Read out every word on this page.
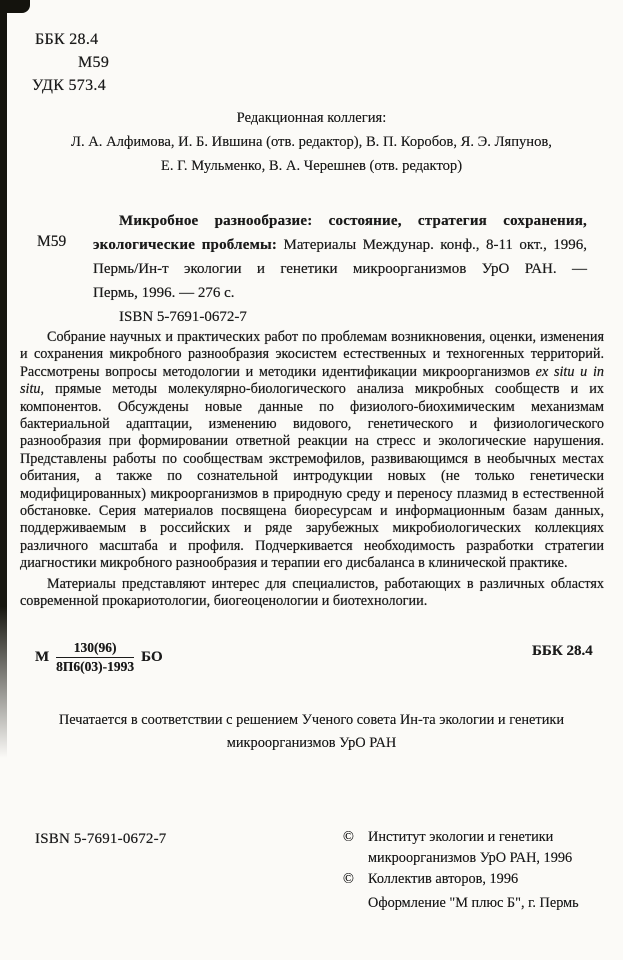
ББК 28.4
М59
УДК 573.4
Редакционная коллегия:
Л. А. Алфимова, И. Б. Ившина (отв. редактор), В. П. Коробов, Я. Э. Ляпунов,
Е. Г. Мульменко, В. А. Черешнев (отв. редактор)
М59
Микробное разнообразие: состояние, стратегия сохранения,
экологические проблемы: Материалы Междунар. конф., 8-11 окт., 1996,
Пермь/Ин-т экологии и генетики микроорганизмов УрО РАН. —
Пермь, 1996. — 276 с.
ISBN 5-7691-0672-7

Собрание научных и практических работ по проблемам возникновения, оценки, изменения и сохранения микробного разнообразия экосистем естественных и техногенных территорий. Рассмотрены вопросы методологии и методики идентификации микроорганизмов ex situ и in situ, прямые методы молекулярно-биологического анализа микробных сообществ и их компонентов. Обсуждены новые данные по физиолого-биохимическим механизмам бактериальной адаптации, изменению видового, генетического и физиологического разнообразия при формировании ответной реакции на стресс и экологические нарушения. Представлены работы по сообществам экстремофилов, развивающимся в необычных местах обитания, а также по сознательной интродукции новых (не только генетически модифицированных) микроорганизмов в природную среду и переносу плазмид в естественной обстановке. Серия материалов посвящена биоресурсам и информационным базам данных, поддерживаемым в российских и ряде зарубежных микробиологических коллекциях различного масштаба и профиля. Подчеркивается необходимость разработки стратегии диагностики микробного разнообразия и терапии его дисбаланса в клинической практике.

Материалы представляют интерес для специалистов, работающих в различных областях современной прокариотологии, биогеоценологии и биотехнологии.

М $\frac{130(96)}{8П6(03)-1993}$ БО	ББК 28.4
Печатается в соответствии с решением Ученого совета Ин-та экологии и генетики
микроорганизмов УрО РАН
ISBN 5-7691-0672-7	© Институт экологии и генетики
микроорганизмов УрО РАН, 1996
© Коллектив авторов, 1996
Оформление "М плюс Б", г. Пермь
